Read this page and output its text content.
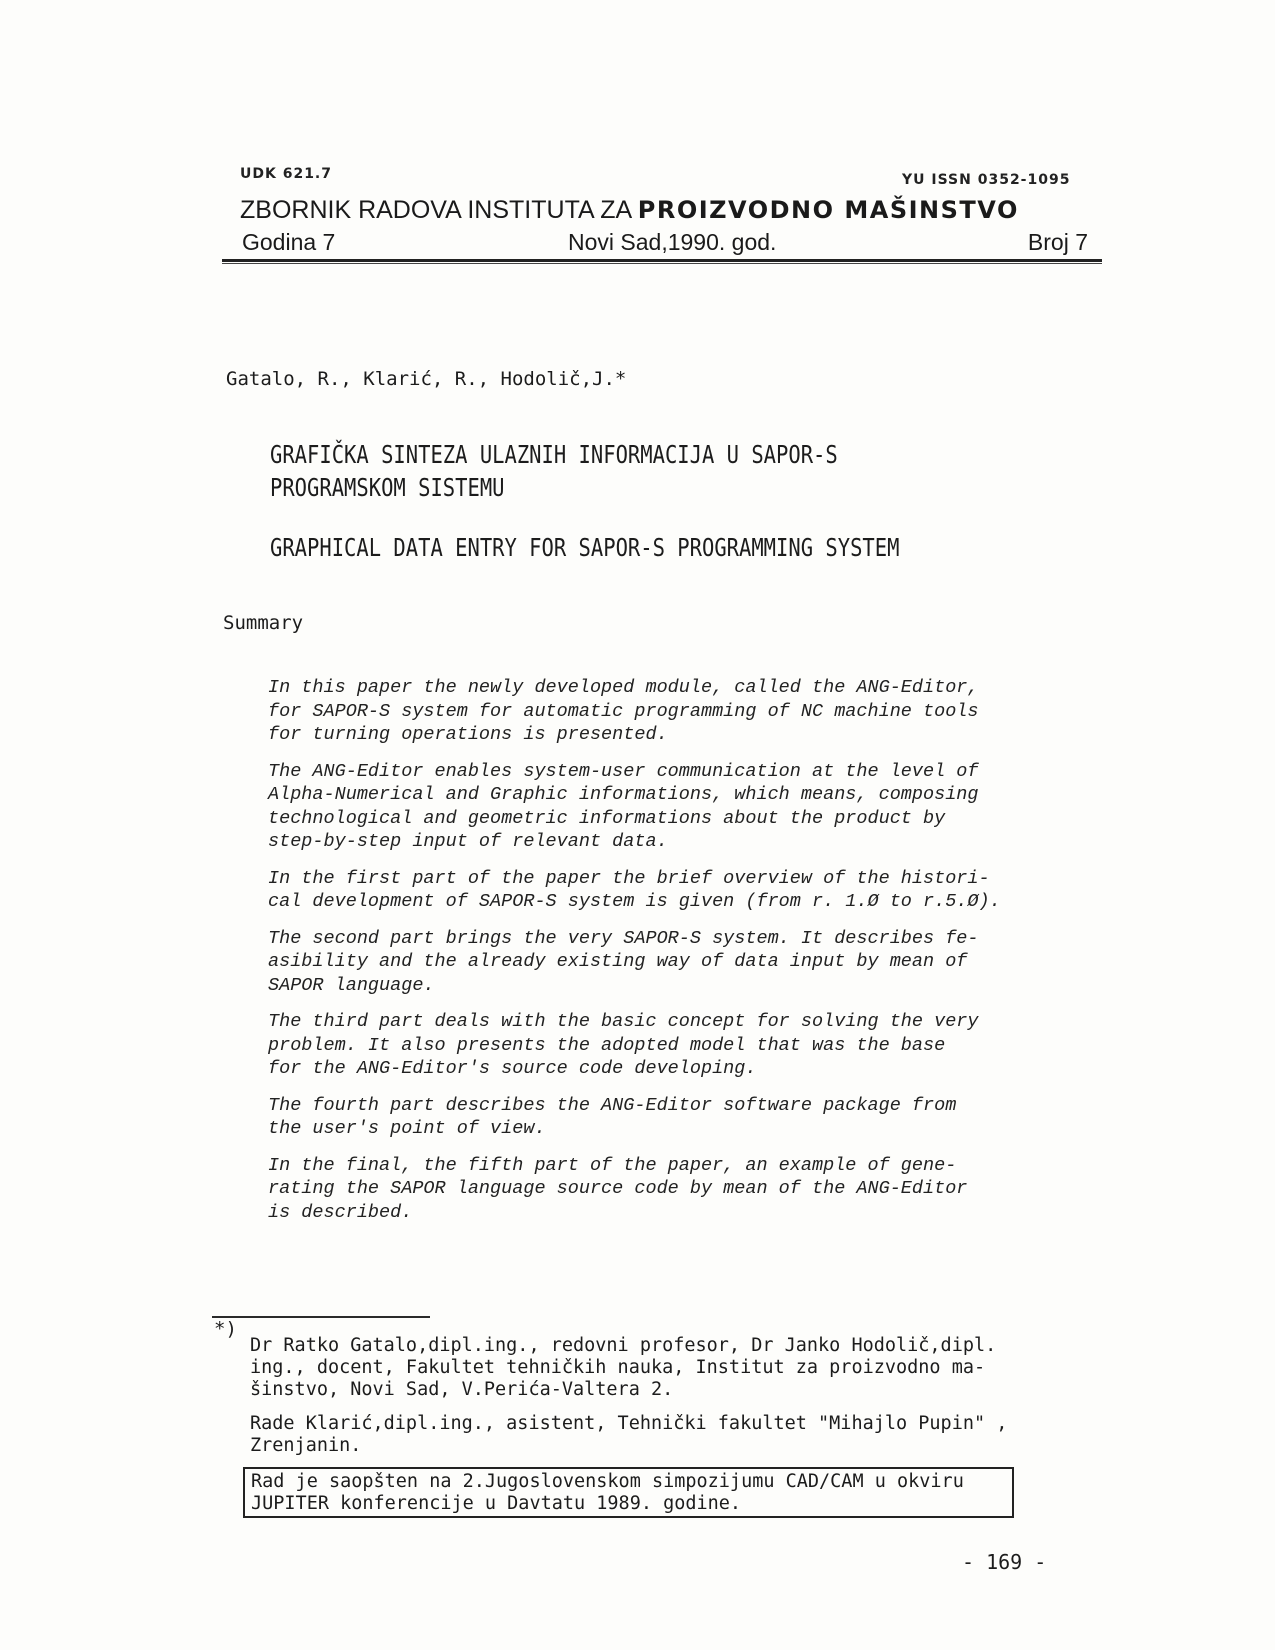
UDK 621.7	YU ISSN 0352-1095
ZBORNIK RADOVA INSTITUTA ZA PROIZVODNO MAŠINSTVO
Godina 7	Novi Sad,1990. god.	Broj 7
Gatalo, R., Klarić, R., Hodolič,J.*
GRAFIČKA SINTEZA ULAZNIH INFORMACIJA U SAPOR-S
PROGRAMSKOM SISTEMU
GRAPHICAL DATA ENTRY FOR SAPOR-S PROGRAMMING SYSTEM
Summary

In this paper the newly developed module, called the ANG-Editor,
for SAPOR-S system for automatic programming of NC machine tools
for turning operations is presented.

The ANG-Editor enables system-user communication at the level of
Alpha-Numerical and Graphic informations, which means, composing
technological and geometric informations about the product by
step-by-step input of relevant data.

In the first part of the paper the brief overview of the histori-
cal development of SAPOR-S system is given (from r. 1.Ø to r.5.Ø).

The second part brings the very SAPOR-S system. It describes fe-
asibility and the already existing way of data input by mean of
SAPOR language.

The third part deals with the basic concept for solving the very
problem. It also presents the adopted model that was the base
for the ANG-Editor's source code developing.

The fourth part describes the ANG-Editor software package from
the user's point of view.

In the final, the fifth part of the paper, an example of gene-
rating the SAPOR language source code by mean of the ANG-Editor
is described.

*)

Dr Ratko Gatalo,dipl.ing., redovni profesor, Dr Janko Hodolič,dipl.
ing., docent, Fakultet tehničkih nauka, Institut za proizvodno ma-
šinstvo, Novi Sad, V.Perića-Valtera 2.

Rade Klarić,dipl.ing., asistent, Tehnički fakultet "Mihajlo Pupin" ,
Zrenjanin.

Rad je saopšten na 2.Jugoslovenskom simpozijumu CAD/CAM u okviru
JUPITER konferencije u Davtatu 1989. godine.
- 169 -
